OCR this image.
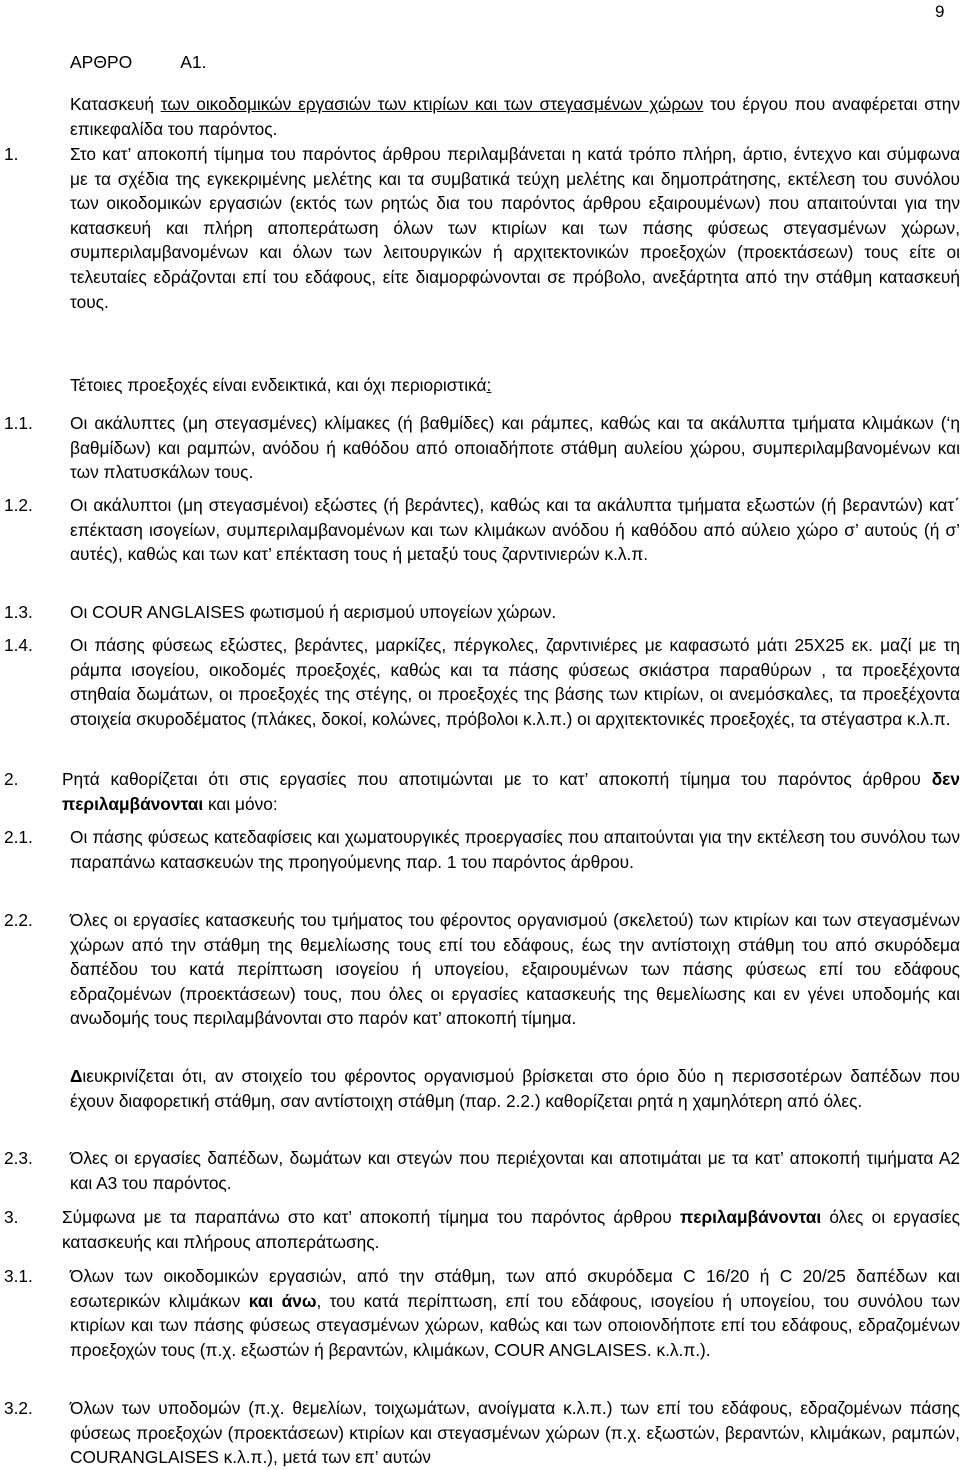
9
ΑΡΘΡΟ	Α1.
Κατασκευή των οικοδομικών εργασιών των κτιρίων και των στεγασμένων χώρων του έργου που αναφέρεται στην επικεφαλίδα του παρόντος.
1.	Στο κατ’ αποκοπή τίμημα του παρόντος άρθρου περιλαμβάνεται η κατά τρόπο πλήρη, άρτιο, έντεχνο και σύμφωνα με τα σχέδια της εγκεκριμένης μελέτης και τα συμβατικά τεύχη μελέτης και δημοπράτησης, εκτέλεση του συνόλου των οικοδομικών εργασιών (εκτός των ρητώς δια του παρόντος άρθρου εξαιρουμένων) που απαιτούνται για την κατασκευή και πλήρη αποπεράτωση όλων των κτιρίων και των πάσης φύσεως στεγασμένων χώρων, συμπεριλαμβανομένων και όλων των λειτουργικών ή αρχιτεκτονικών προεξοχών (προεκτάσεων) τους είτε οι τελευταίες εδράζονται επί του εδάφους, είτε διαμορφώνονται σε πρόβολο, ανεξάρτητα από την στάθμη κατασκευή τους.
Τέτοιες προεξοχές είναι ενδεικτικά, και όχι περιοριστικά:
1.1. Οι ακάλυπτες (μη στεγασμένες) κλίμακες (ή βαθμίδες) και ράμπες, καθώς και τα ακάλυπτα τμήματα κλιμάκων (‘η βαθμίδων) και ραμπών, ανόδου ή καθόδου από οποιαδήποτε στάθμη αυλείου χώρου, συμπεριλαμβανομένων και των πλατυσκάλων τους.
1.2. Οι ακάλυπτοι (μη στεγασμένοι) εξώστες (ή βεράντες), καθώς και τα ακάλυπτα τμήματα εξωστών (ή βεραντών) κατ΄ επέκταση ισογείων, συμπεριλαμβανομένων και των κλιμάκων ανόδου ή καθόδου από αύλειο χώρο σ’ αυτούς (ή σ’ αυτές), καθώς και των κατ’ επέκταση τους ή μεταξύ τους ζαρντινιερών κ.λ.π.
1.3. Οι COUR ANGLAISES φωτισμού ή αερισμού υπογείων χώρων.
1.4. Οι πάσης φύσεως εξώστες, βεράντες, μαρκίζες, πέργκολες, ζαρντινιέρες με καφασωτό μάτι 25Χ25 εκ. μαζί με τη ράμπα ισογείου, οικοδομές προεξοχές, καθώς και τα πάσης φύσεως σκιάστρα παραθύρων , τα προεξέχοντα στηθαία δωμάτων, οι προεξοχές της στέγης, οι προεξοχές της βάσης των κτιρίων, οι ανεμόσκαλες, τα προεξέχοντα στοιχεία σκυροδέματος (πλάκες, δοκοί, κολώνες, πρόβολοι κ.λ.π.) οι αρχιτεκτονικές προεξοχές, τα στέγαστρα κ.λ.π.
2.	Ρητά καθορίζεται ότι στις εργασίες που αποτιμώνται με το κατ’ αποκοπή τίμημα του παρόντος άρθρου δεν περιλαμβάνονται και μόνο:
2.1. Οι πάσης φύσεως κατεδαφίσεις και χωματουργικές προεργασίες που απαιτούνται για την εκτέλεση του συνόλου των παραπάνω κατασκευών της προηγούμενης παρ. 1 του παρόντος άρθρου.
2.2. Όλες οι εργασίες κατασκευής του τμήματος του φέροντος οργανισμού (σκελετού) των κτιρίων και των στεγασμένων χώρων από την στάθμη της θεμελίωσης τους επί του εδάφους, έως την αντίστοιχη στάθμη του από σκυρόδεμα δαπέδου του κατά περίπτωση ισογείου ή υπογείου, εξαιρουμένων των πάσης φύσεως επί του εδάφους εδραζομένων (προεκτάσεων) τους, που όλες οι εργασίες κατασκευής της θεμελίωσης και εν γένει υποδομής και ανωδομής τους περιλαμβάνονται στο παρόν κατ’ αποκοπή τίμημα.
Διευκρινίζεται ότι, αν στοιχείο του φέροντος οργανισμού βρίσκεται στο όριο δύο η περισσοτέρων δαπέδων που έχουν διαφορετική στάθμη, σαν αντίστοιχη στάθμη (παρ. 2.2.) καθορίζεται ρητά η χαμηλότερη από όλες.
2.3. Όλες οι εργασίες δαπέδων, δωμάτων και στεγών που περιέχονται και αποτιμάται με τα κατ’ αποκοπή τιμήματα Α2 και Α3 του παρόντος.
3.	Σύμφωνα με τα παραπάνω στο κατ’ αποκοπή τίμημα του παρόντος άρθρου περιλαμβάνονται όλες οι εργασίες κατασκευής και πλήρους αποπεράτωσης.
3.1. Όλων των οικοδομικών εργασιών, από την στάθμη, των από σκυρόδεμα C 16/20 ή C 20/25 δαπέδων και εσωτερικών κλιμάκων και άνω, του κατά περίπτωση, επί του εδάφους, ισογείου ή υπογείου, του συνόλου των κτιρίων και των πάσης φύσεως στεγασμένων χώρων, καθώς και των οποιονδήποτε επί του εδάφους, εδραζομένων προεξοχών τους (π.χ. εξωστών ή βεραντών, κλιμάκων, COUR ANGLAISES. κ.λ.π.).
3.2. Όλων των υποδομών (π.χ. θεμελίων, τοιχωμάτων, ανοίγματα κ.λ.π.) των επί του εδάφους, εδραζομένων πάσης φύσεως προεξοχών (προεκτάσεων) κτιρίων και στεγασμένων χώρων (π.χ. εξωστών, βεραντών, κλιμάκων, ραμπών, COURANGLAISES κ.λ.π.), μετά των επ’ αυτών
